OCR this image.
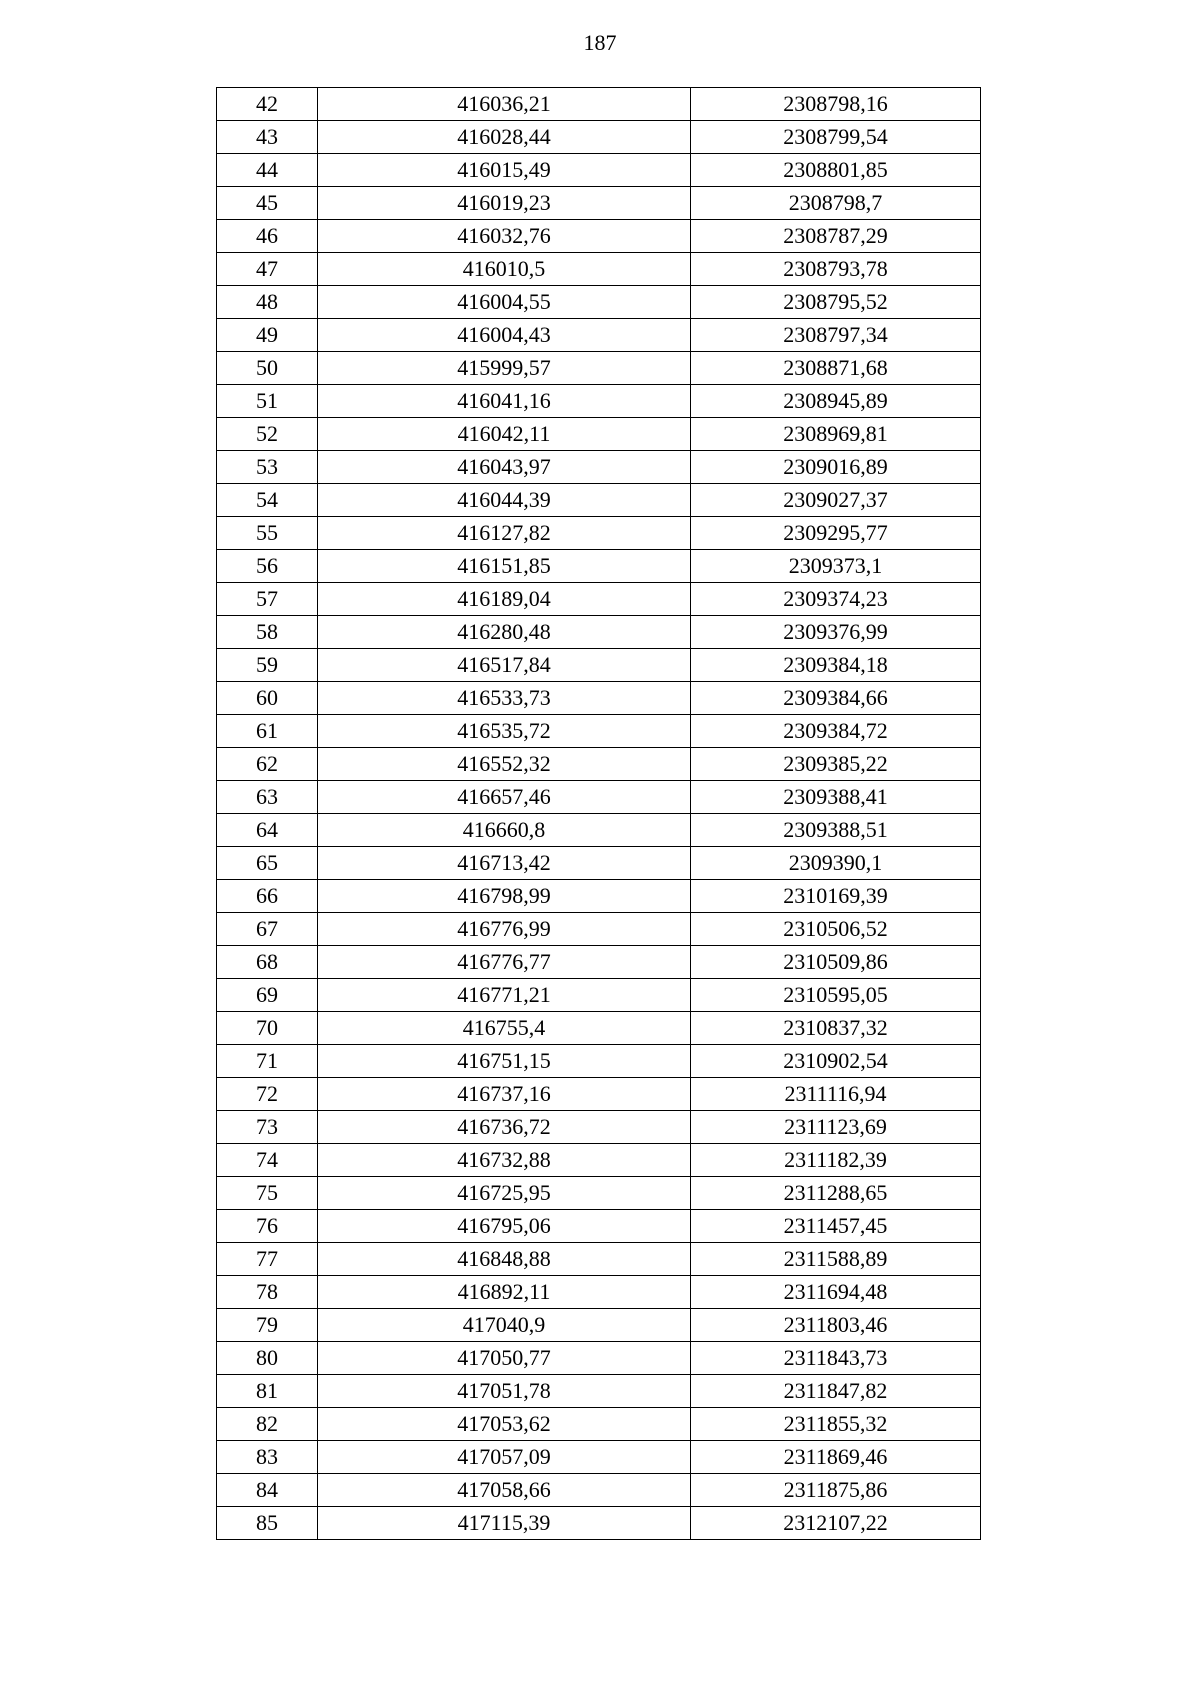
187
42	416036,21	2308798,16
43	416028,44	2308799,54
44	416015,49	2308801,85
45	416019,23	2308798,7
46	416032,76	2308787,29
47	416010,5	2308793,78
48	416004,55	2308795,52
49	416004,43	2308797,34
50	415999,57	2308871,68
51	416041,16	2308945,89
52	416042,11	2308969,81
53	416043,97	2309016,89
54	416044,39	2309027,37
55	416127,82	2309295,77
56	416151,85	2309373,1
57	416189,04	2309374,23
58	416280,48	2309376,99
59	416517,84	2309384,18
60	416533,73	2309384,66
61	416535,72	2309384,72
62	416552,32	2309385,22
63	416657,46	2309388,41
64	416660,8	2309388,51
65	416713,42	2309390,1
66	416798,99	2310169,39
67	416776,99	2310506,52
68	416776,77	2310509,86
69	416771,21	2310595,05
70	416755,4	2310837,32
71	416751,15	2310902,54
72	416737,16	2311116,94
73	416736,72	2311123,69
74	416732,88	2311182,39
75	416725,95	2311288,65
76	416795,06	2311457,45
77	416848,88	2311588,89
78	416892,11	2311694,48
79	417040,9	2311803,46
80	417050,77	2311843,73
81	417051,78	2311847,82
82	417053,62	2311855,32
83	417057,09	2311869,46
84	417058,66	2311875,86
85	417115,39	2312107,22
